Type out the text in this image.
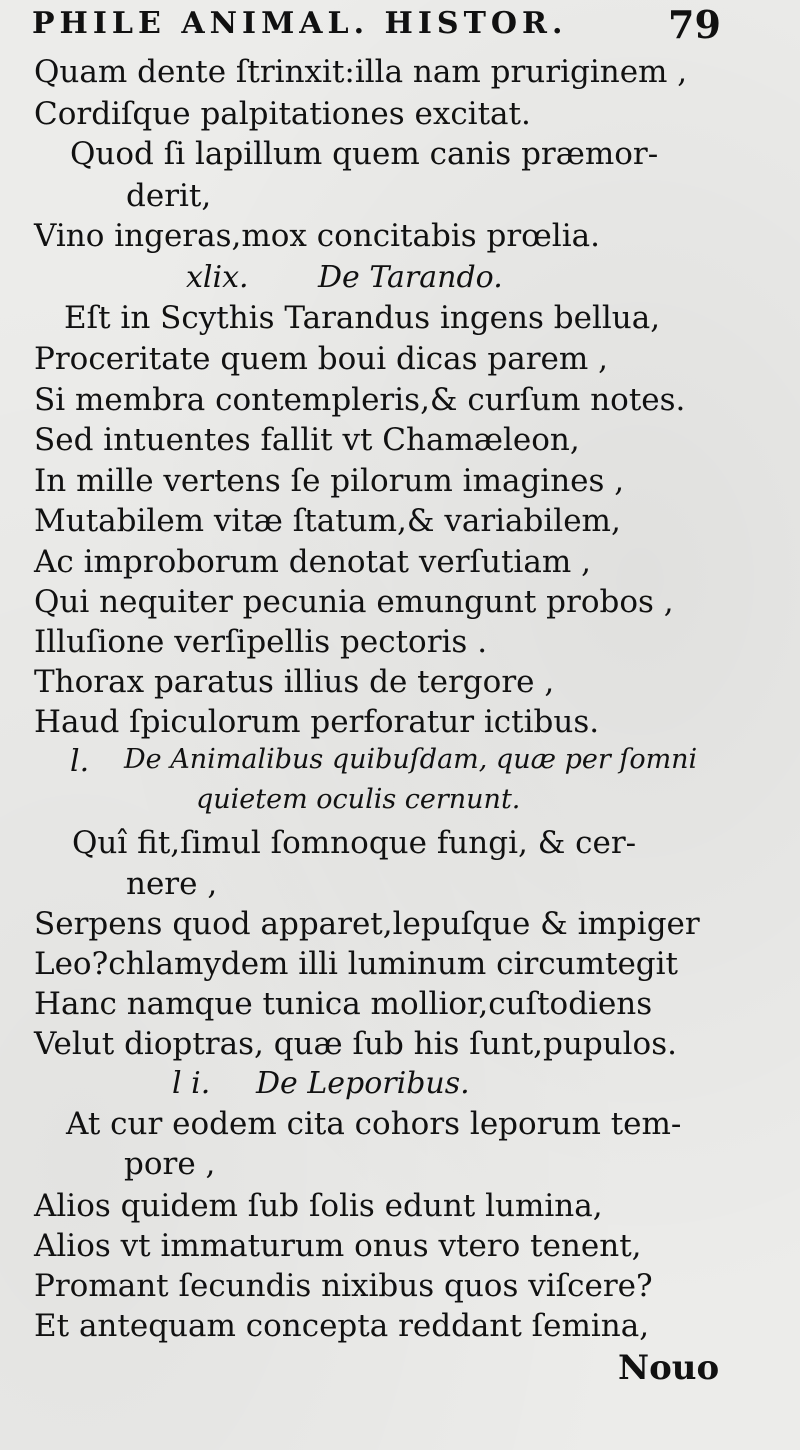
PHILE ANIMAL. HISTOR.	79
Quam dente ſtrinxit:illa nam pruriginem ,
Cordiſque palpitationes excitat.
Quod ſi lapillum quem canis præmor-
derit,
Vino ingeras,mox concitabis prœlia.
xlix. De Tarando.
Eſt in Scythis Tarandus ingens bellua,
Proceritate quem boui dicas parem ,
Si membra contempleris,& curſum notes.
Sed intuentes fallit vt Chamæleon,
In mille vertens ſe pilorum imagines ,
Mutabilem vitæ ſtatum,& variabilem,
Ac improborum denotat verſutiam ,
Qui nequiter pecunia emungunt probos ,
Illuſione verſipellis pectoris .
Thorax paratus illius de tergore ,
Haud ſpiculorum perforatur ictibus.
l. De Animalibus quibuſdam, quæ per ſomni
quietem oculis cernunt.
Quî fit,ſimul ſomnoque fungi, & cer-
nere ,
Serpens quod apparet,lepuſque & impiger
Leo?chlamydem illi luminum circumtegit
Hanc namque tunica mollior,cuſtodiens
Velut dioptras, quæ ſub his ſunt,pupulos.
l i. De Leporibus.
At cur eodem cita cohors leporum tem-
pore ,
Alios quidem ſub ſolis edunt lumina,
Alios vt immaturum onus vtero tenent,
Promant ſecundis nixibus quos viſcere?
Et antequam concepta reddant ſemina,
Nouo
